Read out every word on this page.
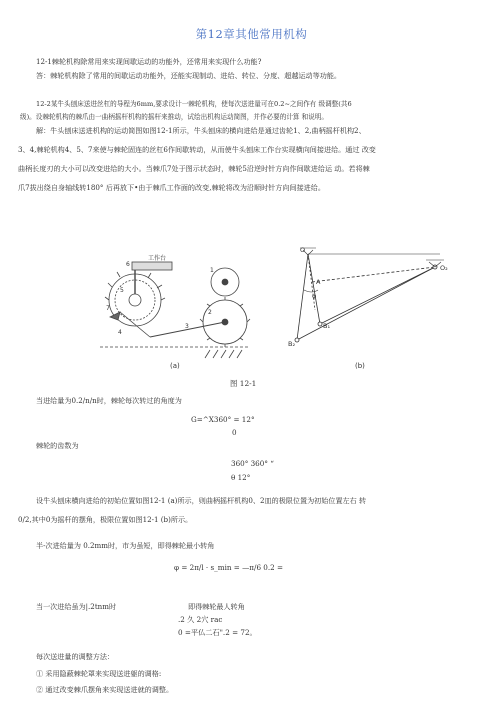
第12章其他常用机构
12-1棘轮机构除常用来实现间歇运动的功能外，还常用来实现什么功能?
答：棘轮机构除了常用的间歇运动功能外，还能实现制动、进给、转位、分度、超越运动等功能。
12-2某牛头刨床送进丝杠的导程为6mm,要求设计一棘轮机构，使每次送进量可在0.2~之间作有 级调整(共6
级)。设棘轮机构的棘爪由一曲柄摇杆机构的摇杆来推动，试绘出机构运动简图，并作必要的计算 和说明。
解：牛头刨床送进机构的运动简图如图12-1所示，牛头刨床的横向进给是通过齿轮1、2,曲柄摇杆机构2、
3、4,棘轮机构4、5、7来使与棘轮固连的丝杠6作间歇转动，从而使牛头刨床工作台实现横向间接进给。通过 改变
曲柄长度刃的大小可以改变进给的大小。当棘爪7处于图示状态时，棘轮5沿逆时针方向作间歇进给运 动。若将棘
爪7拔出绕自身轴线转180° 后再放下•由于棘爪工作面的改变,棘轮将改为沿顺时针方向间接进给。
工作台
1
2
3
4
5
6
7
(a)
O
O₂
B₁
B₂
A
φ
(b)
图 12-1
当进给量为0.2/n/n时，棘轮每次转过的角度为
G=^X360° = 12°
0
棘轮的齿数为
360° 360° “
θ 12°
设牛头刨床横向进给的初始位置如图12-1 (a)所示，则曲柄摇杆机构0、2皿的极限位置为初始位置左右 转
0/2,其中0为摇杆的摆角，极限位置如图12-1 (b)所示。
半-次进给量为 0.2mm时，市为虽短，即得棘轮最小转角
φ = 2π/l · s_min = —π/6 0.2 =
当一次进给虽为|.2tnm时	即得棘轮最人转角
.2 久 2穴 rac
0 =平仏二石".2 = 72。
每次送进量的调整方法：
① 采用隐蔽棘轮罩来实现送进躯的调格:
② 通过改变棘爪摆角来实现送进就的调整。
